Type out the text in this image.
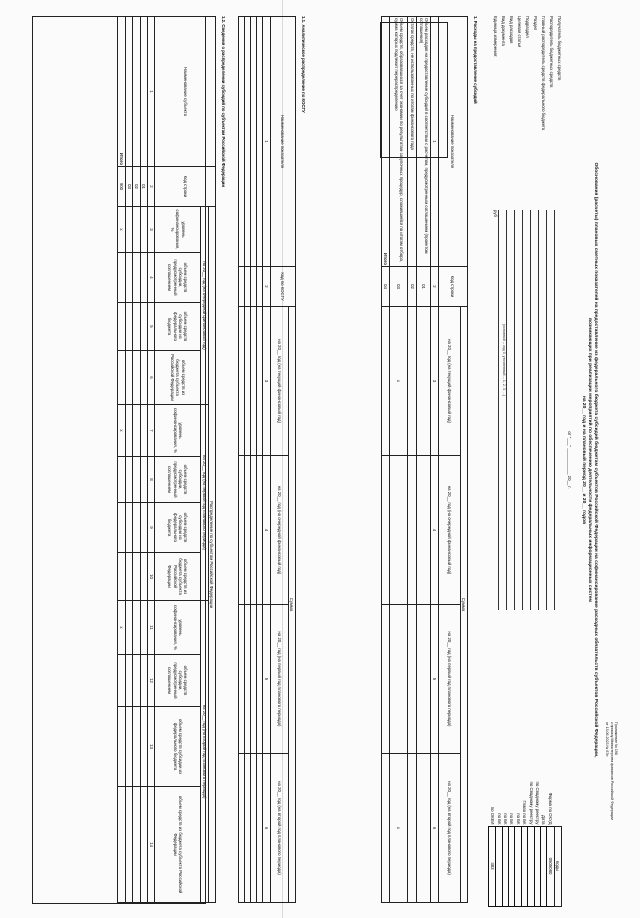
Приложение № 198
к приказу Министерства финансов Российской Федерации
от 13.06.2023 № 87н
Обоснования (расчеты) плановых сметных показателей на предоставление из федерального бюджета субсидий бюджетам субъектов Российской Федерации на софинансирование расходных обязательств субъектов Российской Федерации,
возникающих при реализации мероприятий по обеспечению деятельности федеральных информационных систем
на 20__ год и на плановый период 20__ и 20__ годов
от "___" ___________ 20__ г.
Получатель бюджетных средств
Распорядитель бюджетных средств
Главный распорядитель средств федерального бюджета
Раздел
Подраздел
Целевая статья
Вид расходов
Вид документа
Единица измерения:
руб
(основной -- код 0, уточненный -- 1, 2, 3, ...)
	Коды
Форма по ОКУД	0505080
Дата	
по Сводному реестру	
по Сводному реестру	
Глава по БК	
по БК	
по БК	
по БК	
по БК	
по ОКЕИ	383
1. Расходы на предоставление субсидий
Наименование показателя	Код строки	Сумма			
		на 20__ год (на текущий финансовый год)	на 20__ год (на очередной финансовый год)	на 20__ год (на первый год планового периода)	на 20__ год (на второй год планового периода)
1	2	3	4	5	6
Объем расходов на предоставление субсидий в соответствии с расчетом, предусмотренным соглашением (проектом соглашения)	01				
Остаток средств, не использованных по итогам финансового года	02				
Объем средств, образовавшихся за счет экономии по результатам закупочных процедур, сложившейся по итогам отбора, сумма которых подлежит перераспределению	03	x			x
Итого	04				
1.1. Аналитическое распределение по КОСГУ
Наименование показателя	Код по КОСГУ	Сумма			
		на 20__ год (на текущий финансовый год)	на 20__ год (на очередной финансовый год)	на 20__ год (на первый год планового периода)	на 20__ год (на второй год планового периода)
1	2	3	4	5	6

1.2. Сведения о распределении субсидий по субъектам Российской Федерации
Наименование субъекта	Код строки	Распределение по субъектам Российской Федерации											
		на 20__ год (на очередной финансовый год)				на 20__ год (на первый год планового периода)				на 20__ год (на второй год планового периода)			
		уровень софинансирования, %	объем средств субсидии, предусмотренный соглашением	объем средств субсидии из федерального бюджета	объем средств из бюджета субъекта Российской Федерации	уровень софинансирования, %	объем средств субсидии, предусмотренный соглашением	объем средств субсидии из федерального бюджета	объем средств из бюджета субъекта Российской Федерации	уровень софинансирования, %	объем средств субсидии, предусмотренный соглашением	объем средств субсидии из федерального бюджета	объем средств из бюджета субъекта Российской Федерации
1	2	3	4	5	6	7	8	9	10	11	12	13	14
	01												
	02												
	03												
Итого	900	x				x				x			
